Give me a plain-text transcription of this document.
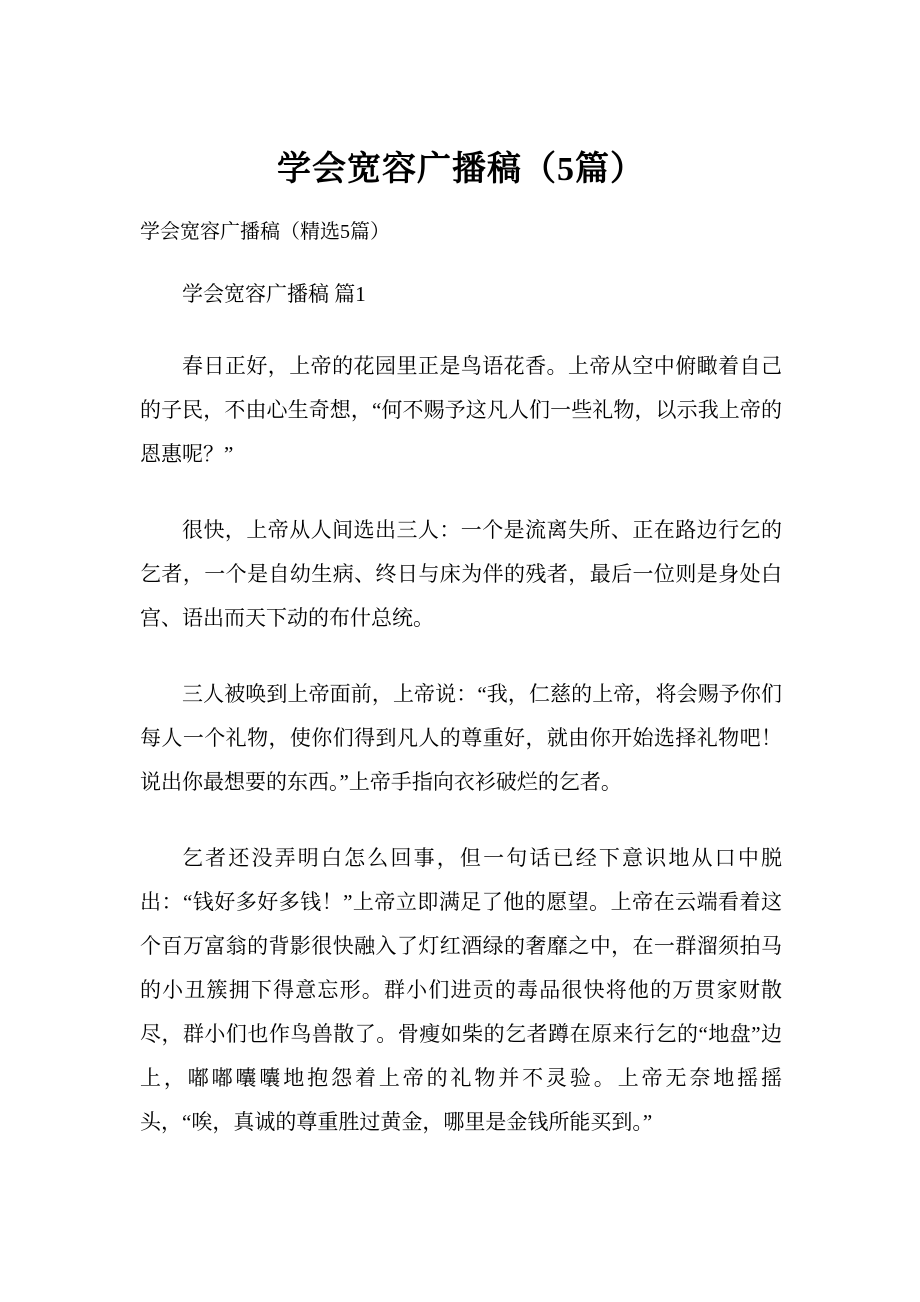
学会宽容广播稿（5篇）

学会宽容广播稿（精选5篇）

学会宽容广播稿 篇1

春日正好，上帝的花园里正是鸟语花香。上帝从空中俯瞰着自己的子民，不由心生奇想，“何不赐予这凡人们一些礼物，以示我上帝的恩惠呢？”

很快，上帝从人间选出三人：一个是流离失所、正在路边行乞的乞者，一个是自幼生病、终日与床为伴的残者，最后一位则是身处白宫、语出而天下动的布什总统。

三人被唤到上帝面前，上帝说：“我，仁慈的上帝，将会赐予你们每人一个礼物，使你们得到凡人的尊重好，就由你开始选择礼物吧！说出你最想要的东西。”上帝手指向衣衫破烂的乞者。

乞者还没弄明白怎么回事，但一句话已经下意识地从口中脱出：“钱好多好多钱！”上帝立即满足了他的愿望。上帝在云端看着这个百万富翁的背影很快融入了灯红酒绿的奢靡之中，在一群溜须拍马的小丑簇拥下得意忘形。群小们进贡的毒品很快将他的万贯家财散尽，群小们也作鸟兽散了。骨瘦如柴的乞者蹲在原来行乞的“地盘”边上，嘟嘟囔囔地抱怨着上帝的礼物并不灵验。上帝无奈地摇摇头，“唉，真诚的尊重胜过黄金，哪里是金钱所能买到。”
